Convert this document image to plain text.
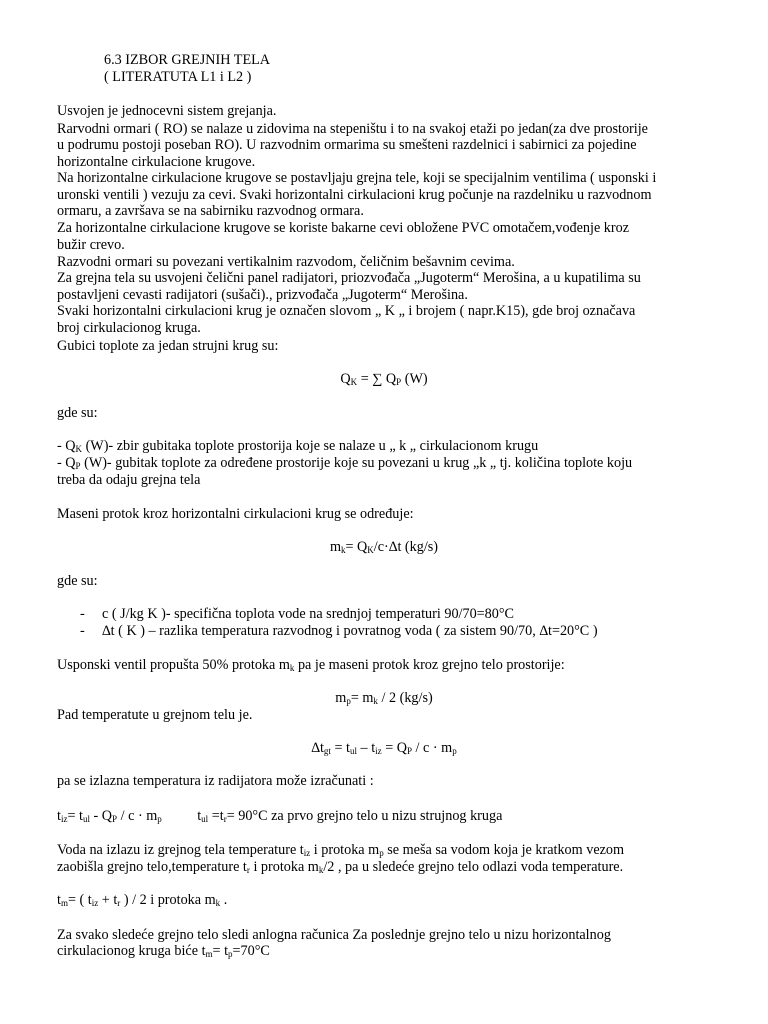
6.3 IZBOR GREJNIH TELA
( LITERATUTA L1 i L2 )
Usvojen je jednocevni sistem grejanja.
Rarvodni ormari ( RO) se nalaze u zidovima na stepeništu i to na svakoj etaži po jedan(za dve prostorije
u podrumu postoji poseban RO). U razvodnim ormarima su smešteni razdelnici i sabirnici za pojedine
horizontalne cirkulacione krugove.
Na horizontalne cirkulacione krugove se postavljaju grejna tele, koji se specijalnim ventilima ( usponski i
uronski ventili ) vezuju za cevi. Svaki horizontalni cirkulacioni krug počunje na razdelniku u razvodnom
ormaru, a završava se na sabirniku razvodnog ormara.
Za horizontalne cirkulacione krugove se koriste bakarne cevi obložene PVC omotačem,vođenje kroz
bužir crevo.
Razvodni ormari su povezani vertikalnim razvodom, čeličnim bešavnim cevima.
Za grejna tela su usvojeni čelični panel radijatori, priozvođača „Jugoterm“ Merošina, a u kupatilima su
postavljeni cevasti radijatori (sušači)., prizvođača „Jugoterm“ Merošina.
Svaki horizontalni cirkulacioni krug je označen slovom „ K „ i brojem ( napr.K15), gde broj označava
broj cirkulacionog kruga.
Gubici toplote za jedan strujni krug su:
$Q_K$ = ∑ $Q_P$ (W)
gde su:
- $Q_K$ (W)- zbir gubitaka toplote prostorija koje se nalaze u „ k „ cirkulacionom krugu
- $Q_P$ (W)- gubitak toplote za određene prostorije koje su povezani u krug „k „ tj. količina toplote koju
treba da odaju grejna tela
Maseni protok kroz horizontalni cirkulacioni krug se određuje:
$m_k= Q_K/c\cdot\Delta t$ (kg/s)
gde su:
- c ( J/kg K )- specifična toplota vode na srednjoj temperaturi 90/70=80°C
- ∆t ( K ) – razlika temperatura razvodnog i povratnog voda ( za sistem 90/70, ∆t=20°C )
Usponski ventil propušta 50% protoka $m_k$ pa je maseni protok kroz grejno telo prostorije:
$m_p= m_k / 2$ (kg/s)
Pad temperatute u grejnom telu je.
$\Delta t_{gt} = t_{ul} - t_{iz} = Q_P / c \cdot m_p$
pa se izlazna temperatura iz radijatora može izračunati :
$t_{iz}= t_{ul} - Q_P / c \cdot m_p$          $t_{ul} =t_r= 90^\circ C$ za prvo grejno telo u nizu strujnog kruga
Voda na izlazu iz grejnog tela temperature $t_{iz}$ i protoka $m_p$ se meša sa vodom koja je kratkom vezom
zaobišla grejno telo,temperature $t_r$ i protoka $m_k/2$ , pa u sledeće grejno telo odlazi voda temperature.
$t_m=$ ( $t_{iz} + t_r$ ) / 2 i protoka $m_k$ .
Za svako sledeće grejno telo sledi anlogna računica Za poslednje grejno telo u nizu horizontalnog
cirkulacionog kruga biće $t_m= t_p=70^\circ C$
